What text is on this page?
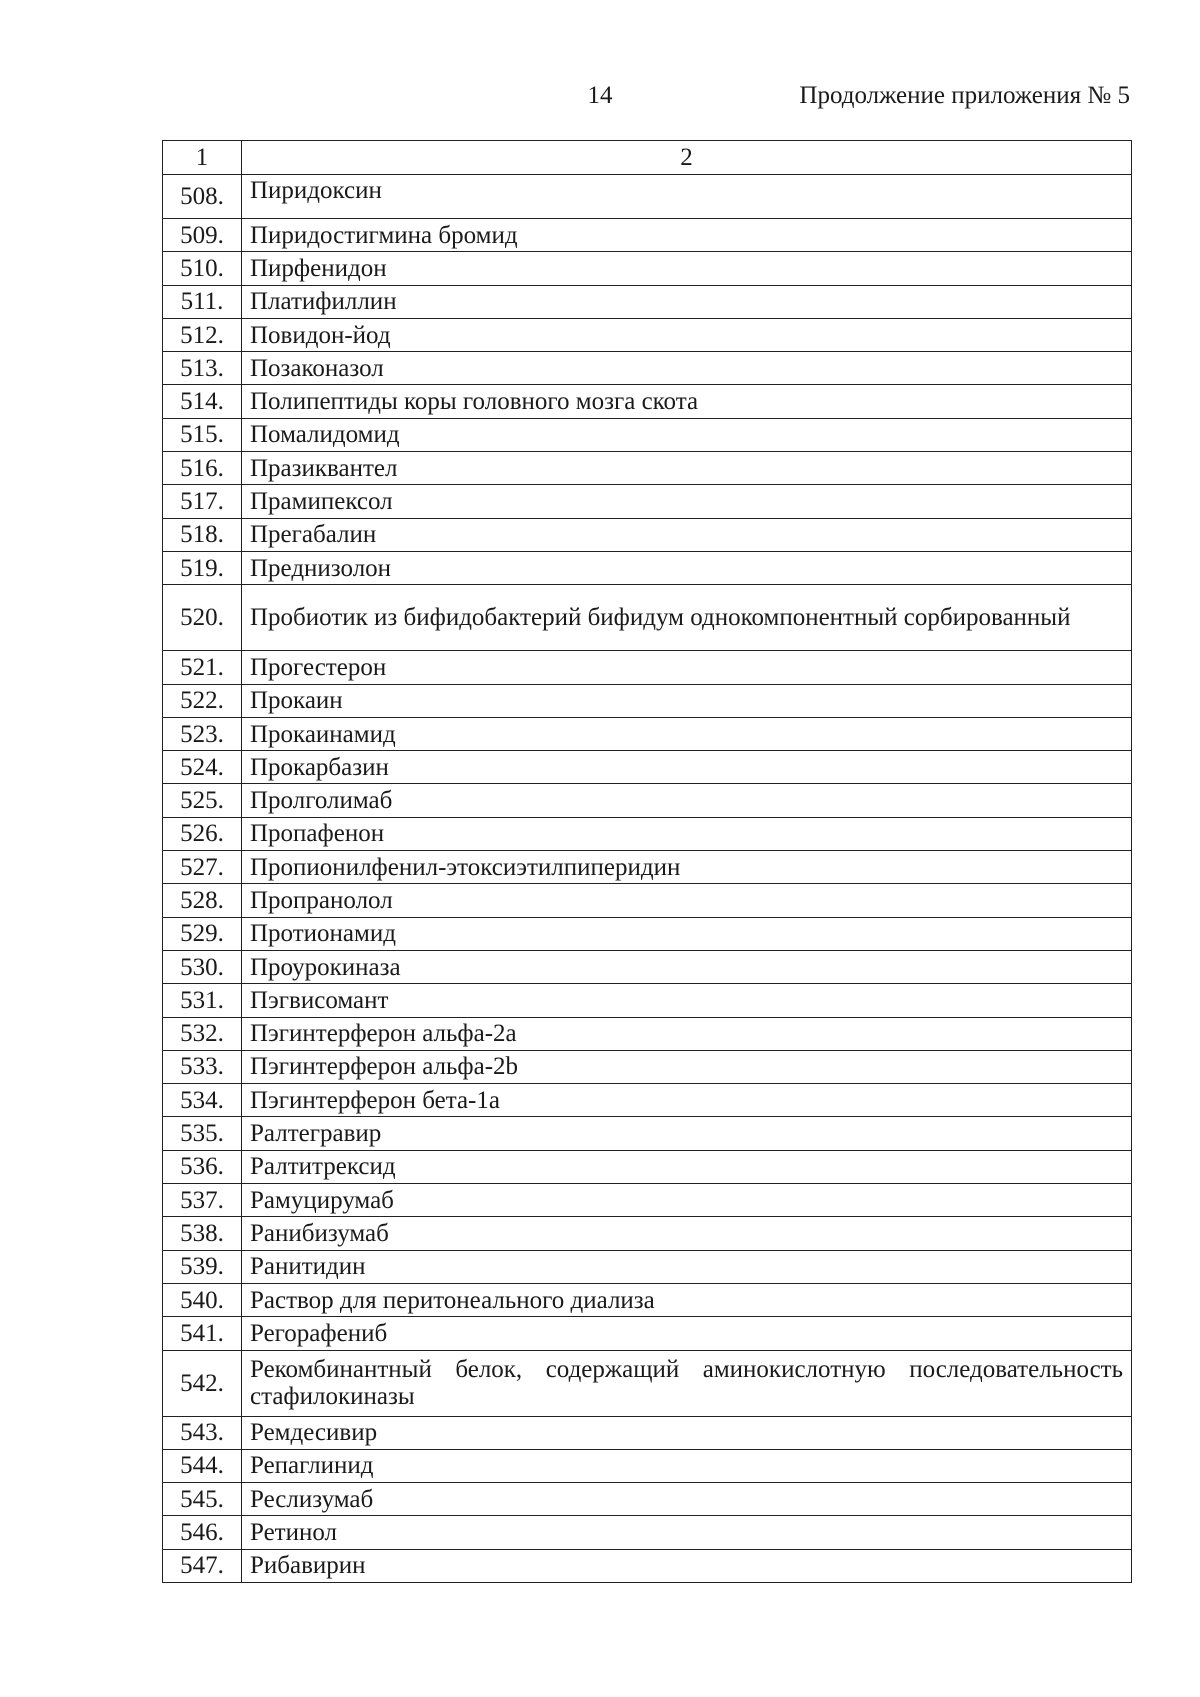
14	Продолжение приложения № 5
1	2
508.	Пиридоксин
509.	Пиридостигмина бромид
510.	Пирфенидон
511.	Платифиллин
512.	Повидон-йод
513.	Позаконазол
514.	Полипептиды коры головного мозга скота
515.	Помалидомид
516.	Празиквантел
517.	Прамипексол
518.	Прегабалин
519.	Преднизолон
520.	Пробиотик из бифидобактерий бифидум однокомпонентный сорбированный
521.	Прогестерон
522.	Прокаин
523.	Прокаинамид
524.	Прокарбазин
525.	Пролголимаб
526.	Пропафенон
527.	Пропионилфенил-этоксиэтилпиперидин
528.	Пропранолол
529.	Протионамид
530.	Проурокиназа
531.	Пэгвисомант
532.	Пэгинтерферон альфа-2а
533.	Пэгинтерферон альфа-2b
534.	Пэгинтерферон бета-1а
535.	Ралтегравир
536.	Ралтитрексид
537.	Рамуцирумаб
538.	Ранибизумаб
539.	Ранитидин
540.	Раствор для перитонеального диализа
541.	Регорафениб
542.	Рекомбинантный белок, содержащий аминокислотную последовательность стафилокиназы
543.	Ремдесивир
544.	Репаглинид
545.	Реслизумаб
546.	Ретинол
547.	Рибавирин
